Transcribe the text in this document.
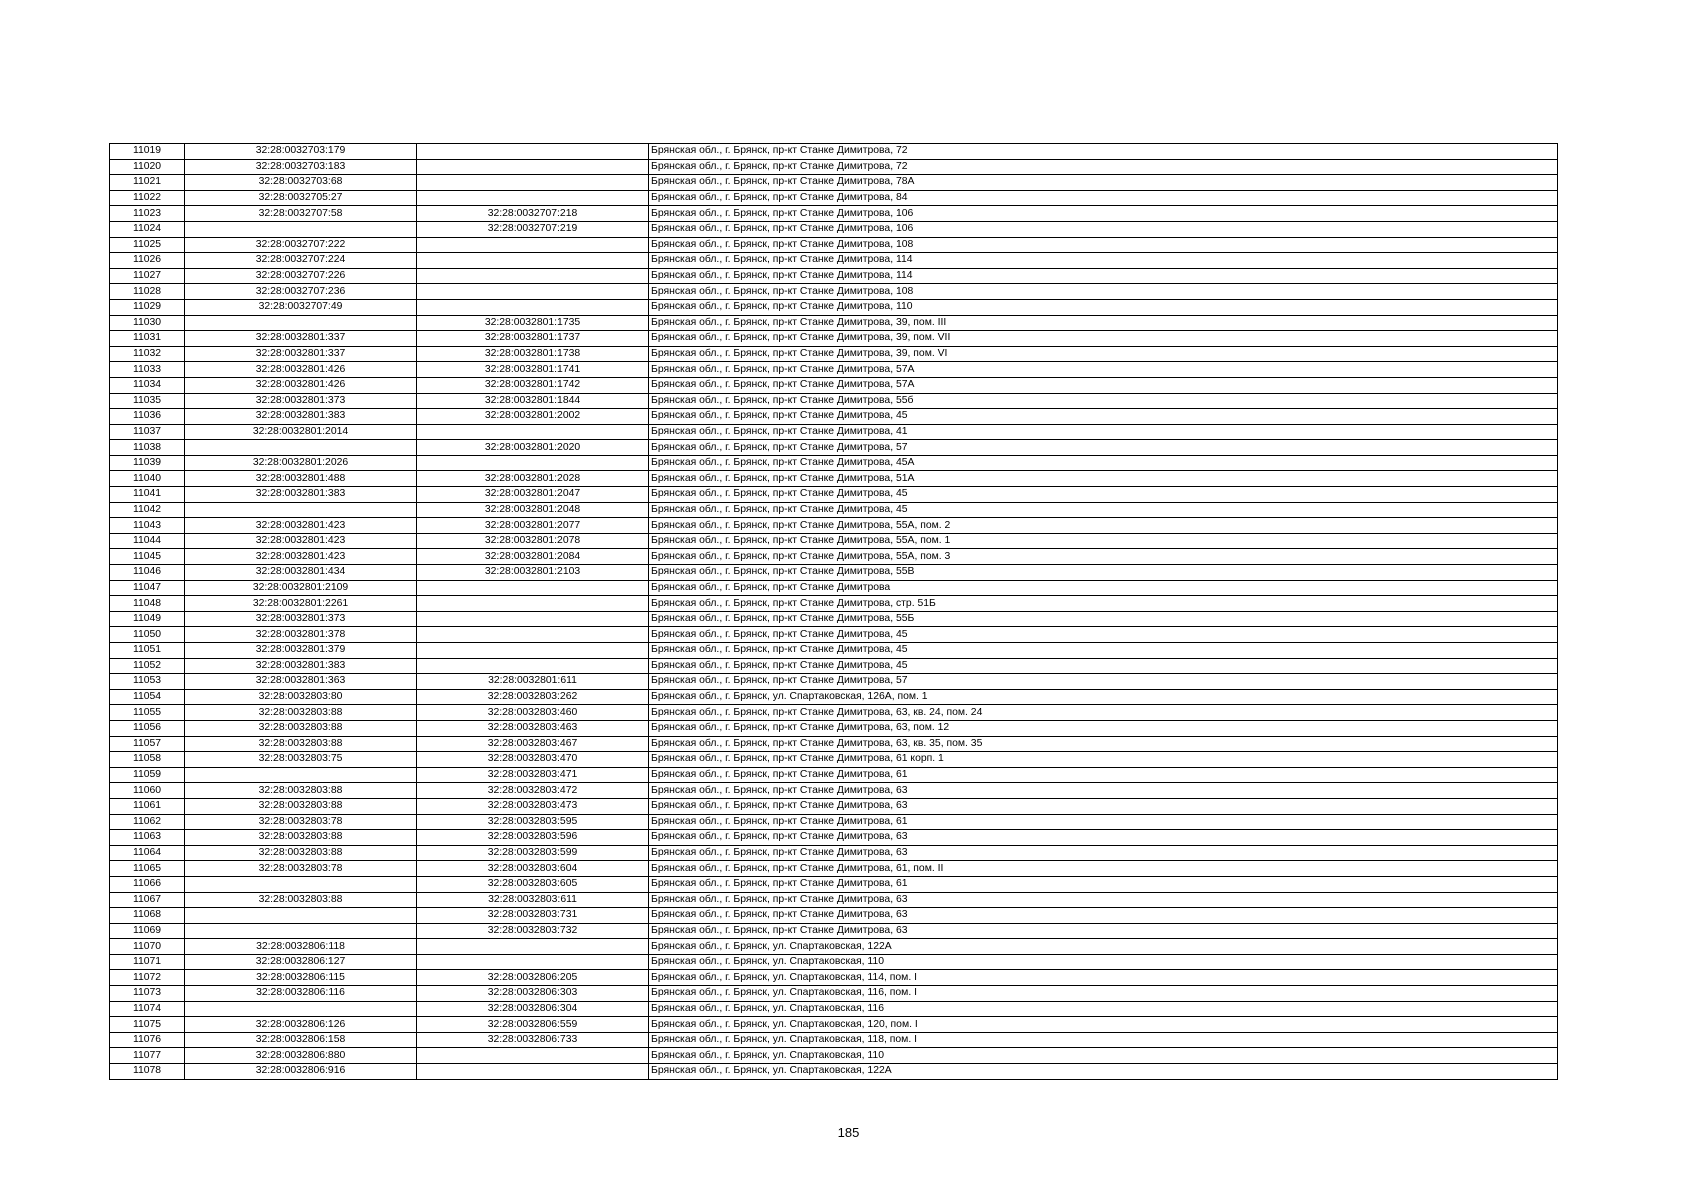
11019	32:28:0032703:179		Брянская обл., г. Брянск, пр-кт Станке Димитрова, 72
11020	32:28:0032703:183		Брянская обл., г. Брянск, пр-кт Станке Димитрова, 72
11021	32:28:0032703:68		Брянская обл., г. Брянск, пр-кт Станке Димитрова, 78А
11022	32:28:0032705:27		Брянская обл., г. Брянск, пр-кт Станке Димитрова, 84
11023	32:28:0032707:58	32:28:0032707:218	Брянская обл., г. Брянск, пр-кт Станке Димитрова, 106
11024		32:28:0032707:219	Брянская обл., г. Брянск, пр-кт Станке Димитрова, 106
11025	32:28:0032707:222		Брянская обл., г. Брянск, пр-кт Станке Димитрова, 108
11026	32:28:0032707:224		Брянская обл., г. Брянск, пр-кт Станке Димитрова, 114
11027	32:28:0032707:226		Брянская обл., г. Брянск, пр-кт Станке Димитрова, 114
11028	32:28:0032707:236		Брянская обл., г. Брянск, пр-кт Станке Димитрова, 108
11029	32:28:0032707:49		Брянская обл., г. Брянск, пр-кт Станке Димитрова, 110
11030		32:28:0032801:1735	Брянская обл., г. Брянск, пр-кт Станке Димитрова, 39, пом. III
11031	32:28:0032801:337	32:28:0032801:1737	Брянская обл., г. Брянск, пр-кт Станке Димитрова, 39, пом. VII
11032	32:28:0032801:337	32:28:0032801:1738	Брянская обл., г. Брянск, пр-кт Станке Димитрова, 39, пом. VI
11033	32:28:0032801:426	32:28:0032801:1741	Брянская обл., г. Брянск, пр-кт Станке Димитрова, 57А
11034	32:28:0032801:426	32:28:0032801:1742	Брянская обл., г. Брянск, пр-кт Станке Димитрова, 57А
11035	32:28:0032801:373	32:28:0032801:1844	Брянская обл., г. Брянск, пр-кт Станке Димитрова, 55б
11036	32:28:0032801:383	32:28:0032801:2002	Брянская обл., г. Брянск, пр-кт Станке Димитрова, 45
11037	32:28:0032801:2014		Брянская обл., г. Брянск, пр-кт Станке Димитрова, 41
11038		32:28:0032801:2020	Брянская обл., г. Брянск, пр-кт Станке Димитрова, 57
11039	32:28:0032801:2026		Брянская обл., г. Брянск, пр-кт Станке Димитрова, 45А
11040	32:28:0032801:488	32:28:0032801:2028	Брянская обл., г. Брянск, пр-кт Станке Димитрова, 51А
11041	32:28:0032801:383	32:28:0032801:2047	Брянская обл., г. Брянск, пр-кт Станке Димитрова, 45
11042		32:28:0032801:2048	Брянская обл., г. Брянск, пр-кт Станке Димитрова, 45
11043	32:28:0032801:423	32:28:0032801:2077	Брянская обл., г. Брянск, пр-кт Станке Димитрова, 55А, пом. 2
11044	32:28:0032801:423	32:28:0032801:2078	Брянская обл., г. Брянск, пр-кт Станке Димитрова, 55А, пом. 1
11045	32:28:0032801:423	32:28:0032801:2084	Брянская обл., г. Брянск, пр-кт Станке Димитрова, 55А, пом. 3
11046	32:28:0032801:434	32:28:0032801:2103	Брянская обл., г. Брянск, пр-кт Станке Димитрова, 55В
11047	32:28:0032801:2109		Брянская обл., г. Брянск, пр-кт Станке Димитрова
11048	32:28:0032801:2261		Брянская обл., г. Брянск, пр-кт Станке Димитрова, стр. 51Б
11049	32:28:0032801:373		Брянская обл., г. Брянск, пр-кт Станке Димитрова, 55Б
11050	32:28:0032801:378		Брянская обл., г. Брянск, пр-кт Станке Димитрова, 45
11051	32:28:0032801:379		Брянская обл., г. Брянск, пр-кт Станке Димитрова, 45
11052	32:28:0032801:383		Брянская обл., г. Брянск, пр-кт Станке Димитрова, 45
11053	32:28:0032801:363	32:28:0032801:611	Брянская обл., г. Брянск, пр-кт Станке Димитрова, 57
11054	32:28:0032803:80	32:28:0032803:262	Брянская обл., г. Брянск, ул. Спартаковская, 126А, пом. 1
11055	32:28:0032803:88	32:28:0032803:460	Брянская обл., г. Брянск, пр-кт Станке Димитрова, 63, кв. 24, пом. 24
11056	32:28:0032803:88	32:28:0032803:463	Брянская обл., г. Брянск, пр-кт Станке Димитрова, 63, пом. 12
11057	32:28:0032803:88	32:28:0032803:467	Брянская обл., г. Брянск, пр-кт Станке Димитрова, 63, кв. 35, пом. 35
11058	32:28:0032803:75	32:28:0032803:470	Брянская обл., г. Брянск, пр-кт Станке Димитрова, 61 корп. 1
11059		32:28:0032803:471	Брянская обл., г. Брянск, пр-кт Станке Димитрова, 61
11060	32:28:0032803:88	32:28:0032803:472	Брянская обл., г. Брянск, пр-кт Станке Димитрова, 63
11061	32:28:0032803:88	32:28:0032803:473	Брянская обл., г. Брянск, пр-кт Станке Димитрова, 63
11062	32:28:0032803:78	32:28:0032803:595	Брянская обл., г. Брянск, пр-кт Станке Димитрова, 61
11063	32:28:0032803:88	32:28:0032803:596	Брянская обл., г. Брянск, пр-кт Станке Димитрова, 63
11064	32:28:0032803:88	32:28:0032803:599	Брянская обл., г. Брянск, пр-кт Станке Димитрова, 63
11065	32:28:0032803:78	32:28:0032803:604	Брянская обл., г. Брянск, пр-кт Станке Димитрова, 61, пом. II
11066		32:28:0032803:605	Брянская обл., г. Брянск, пр-кт Станке Димитрова, 61
11067	32:28:0032803:88	32:28:0032803:611	Брянская обл., г. Брянск, пр-кт Станке Димитрова, 63
11068		32:28:0032803:731	Брянская обл., г. Брянск, пр-кт Станке Димитрова, 63
11069		32:28:0032803:732	Брянская обл., г. Брянск, пр-кт Станке Димитрова, 63
11070	32:28:0032806:118		Брянская обл., г. Брянск, ул. Спартаковская, 122А
11071	32:28:0032806:127		Брянская обл., г. Брянск, ул. Спартаковская, 110
11072	32:28:0032806:115	32:28:0032806:205	Брянская обл., г. Брянск, ул. Спартаковская, 114, пом. I
11073	32:28:0032806:116	32:28:0032806:303	Брянская обл., г. Брянск, ул. Спартаковская, 116, пом. I
11074		32:28:0032806:304	Брянская обл., г. Брянск, ул. Спартаковская, 116
11075	32:28:0032806:126	32:28:0032806:559	Брянская обл., г. Брянск, ул. Спартаковская, 120, пом. I
11076	32:28:0032806:158	32:28:0032806:733	Брянская обл., г. Брянск, ул. Спартаковская, 118, пом. I
11077	32:28:0032806:880		Брянская обл., г. Брянск, ул. Спартаковская, 110
11078	32:28:0032806:916		Брянская обл., г. Брянск, ул. Спартаковская, 122А
185
